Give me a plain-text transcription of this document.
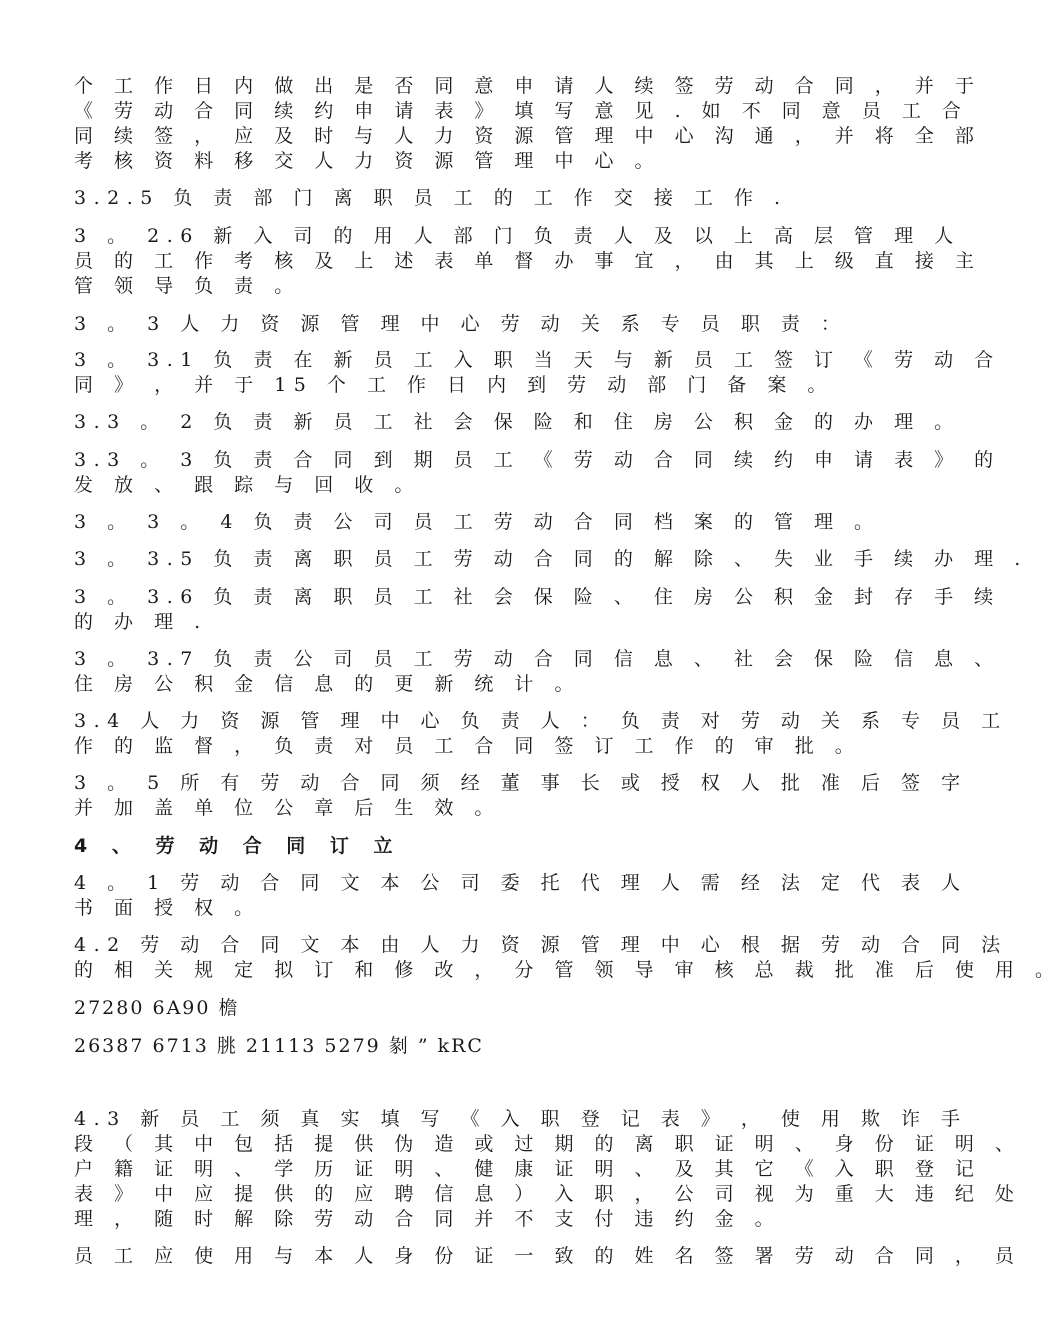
个 工 作 日 内 做 出 是 否 同 意 申 请 人 续 签 劳 动 合 同 ， 并 于
《 劳 动 合 同 续 约 申 请 表 》 填 写 意 见 . 如 不 同 意 员 工 合
同 续 签 ， 应 及 时 与 人 力 资 源 管 理 中 心 沟 通 ， 并 将 全 部
考 核 资 料 移 交 人 力 资 源 管 理 中 心 。
3.2.5 负 责 部 门 离 职 员 工 的 工 作 交 接 工 作 .
3 。 2.6 新 入 司 的 用 人 部 门 负 责 人 及 以 上 高 层 管 理 人
员 的 工 作 考 核 及 上 述 表 单 督 办 事 宜 ， 由 其 上 级 直 接 主
管 领 导 负 责 。
3 。 3 人 力 资 源 管 理 中 心 劳 动 关 系 专 员 职 责 ：
3 。 3.1 负 责 在 新 员 工 入 职 当 天 与 新 员 工 签 订 《 劳 动 合
同 》 ， 并 于 15 个 工 作 日 内 到 劳 动 部 门 备 案 。
3.3 。 2 负 责 新 员 工 社 会 保 险 和 住 房 公 积 金 的 办 理 。
3.3 。 3 负 责 合 同 到 期 员 工 《 劳 动 合 同 续 约 申 请 表 》 的
发 放 、 跟 踪 与 回 收 。
3 。 3 。 4 负 责 公 司 员 工 劳 动 合 同 档 案 的 管 理 。
3 。 3.5 负 责 离 职 员 工 劳 动 合 同 的 解 除 、 失 业 手 续 办 理 .
3 。 3.6 负 责 离 职 员 工 社 会 保 险 、 住 房 公 积 金 封 存 手 续
的 办 理 .
3 。 3.7 负 责 公 司 员 工 劳 动 合 同 信 息 、 社 会 保 险 信 息 、
住 房 公 积 金 信 息 的 更 新 统 计 。
3.4 人 力 资 源 管 理 中 心 负 责 人 ： 负 责 对 劳 动 关 系 专 员 工
作 的 监 督 ， 负 责 对 员 工 合 同 签 订 工 作 的 审 批 。
3 。 5 所 有 劳 动 合 同 须 经 董 事 长 或 授 权 人 批 准 后 签 字
并 加 盖 单 位 公 章 后 生 效 。
4 、 劳 动 合 同 订 立
4 。 1 劳 动 合 同 文 本 公 司 委 托 代 理 人 需 经 法 定 代 表 人
书 面 授 权 。
4.2 劳 动 合 同 文 本 由 人 力 资 源 管 理 中 心 根 据 劳 动 合 同 法
的 相 关 规 定 拟 订 和 修 改 ， 分 管 领 导 审 核 总 裁 批 准 后 使 用 。
27280 6A90 檐
26387 6713 朓 21113 5279 剶 ” kRC
4.3 新 员 工 须 真 实 填 写 《 入 职 登 记 表 》 ， 使 用 欺 诈 手
段 （ 其 中 包 括 提 供 伪 造 或 过 期 的 离 职 证 明 、 身 份 证 明 、
户 籍 证 明 、 学 历 证 明 、 健 康 证 明 、 及 其 它 《 入 职 登 记
表 》 中 应 提 供 的 应 聘 信 息 ） 入 职 ， 公 司 视 为 重 大 违 纪 处
理 ， 随 时 解 除 劳 动 合 同 并 不 支 付 违 约 金 。
员 工 应 使 用 与 本 人 身 份 证 一 致 的 姓 名 签 署 劳 动 合 同 ， 员
